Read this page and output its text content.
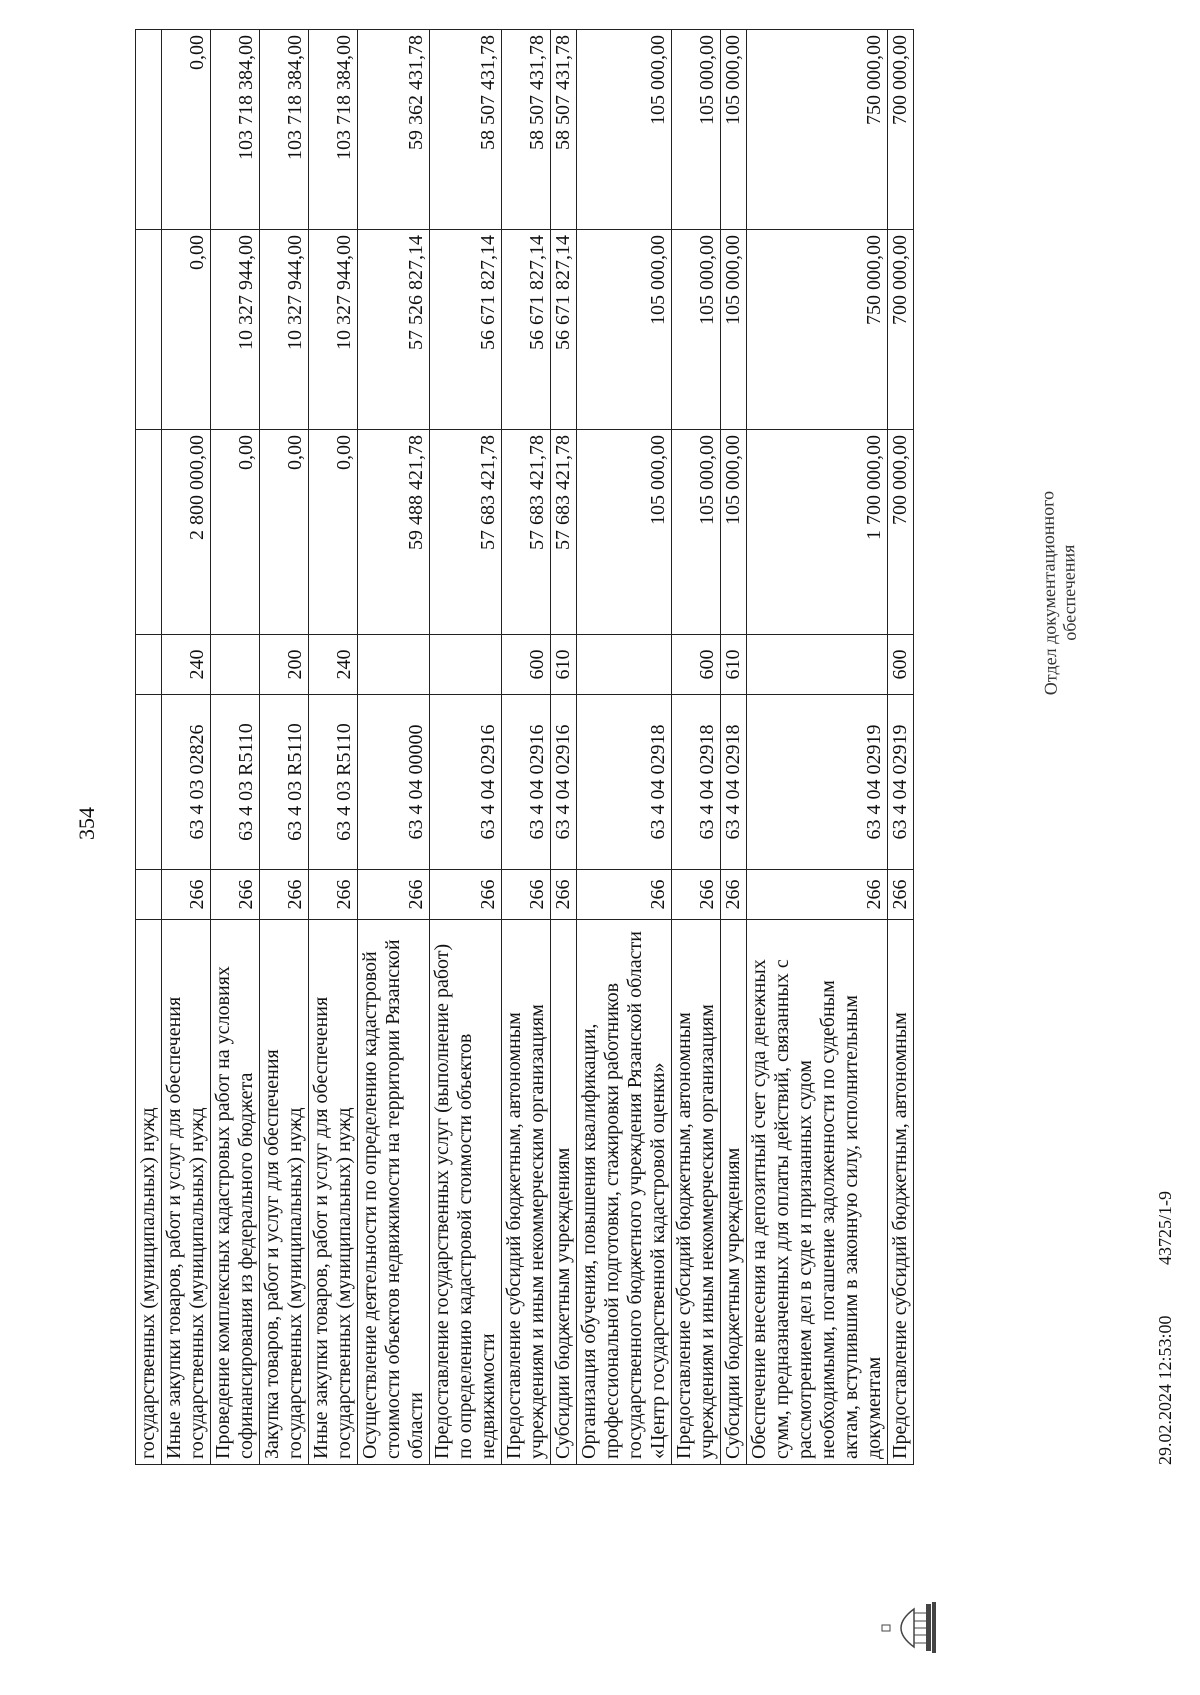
354
государственных (муниципальных) нужд						
Иные закупки товаров, работ и услуг для обеспечения государственных (муниципальных) нужд	266	63 4 03 02826	240	2 800 000,00	0,00	0,00
Проведение комплексных кадастровых работ на условиях софинансирования из федерального бюджета	266	63 4 03 R5110		0,00	10 327 944,00	103 718 384,00
Закупка товаров, работ и услуг для обеспечения государственных (муниципальных) нужд	266	63 4 03 R5110	200	0,00	10 327 944,00	103 718 384,00
Иные закупки товаров, работ и услуг для обеспечения государственных (муниципальных) нужд	266	63 4 03 R5110	240	0,00	10 327 944,00	103 718 384,00
Осуществление деятельности по определению кадастровой стоимости объектов недвижимости на территории Рязанской области	266	63 4 04 00000		59 488 421,78	57 526 827,14	59 362 431,78
Предоставление государственных услуг (выполнение работ) по определению кадастровой стоимости объектов недвижимости	266	63 4 04 02916		57 683 421,78	56 671 827,14	58 507 431,78
Предоставление субсидий бюджетным, автономным учреждениям и иным некоммерческим организациям	266	63 4 04 02916	600	57 683 421,78	56 671 827,14	58 507 431,78
Субсидии бюджетным учреждениям	266	63 4 04 02916	610	57 683 421,78	56 671 827,14	58 507 431,78
Организация обучения, повышения квалификации, профессиональной подготовки, стажировки работников государственного бюджетного учреждения Рязанской области «Центр государственной кадастровой оценки»	266	63 4 04 02918		105 000,00	105 000,00	105 000,00
Предоставление субсидий бюджетным, автономным учреждениям и иным некоммерческим организациям	266	63 4 04 02918	600	105 000,00	105 000,00	105 000,00
Субсидии бюджетным учреждениям	266	63 4 04 02918	610	105 000,00	105 000,00	105 000,00
Обеспечение внесения на депозитный счет суда денежных сумм, предназначенных для оплаты действий, связанных с рассмотрением дел в суде и признанных судом необходимыми, погашение задолженности по судебным актам, вступившим в законную силу, исполнительным документам	266	63 4 04 02919		1 700 000,00	750 000,00	750 000,00
Предоставление субсидий бюджетным, автономным	266	63 4 04 02919	600	700 000,00	700 000,00	700 000,00
Отдел документационного
обеспечения
29.02.2024 12:53:00
43725/1-9
